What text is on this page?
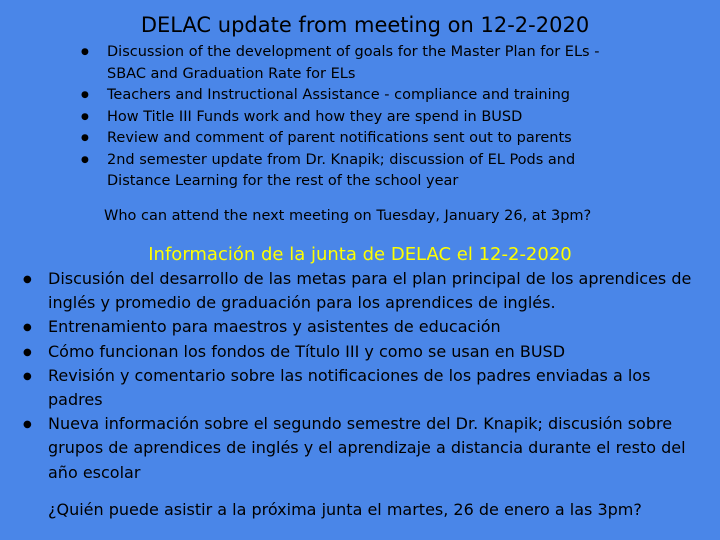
DELAC update from meeting on 12-2-2020
● Discussion of the development of goals for the Master Plan for ELs - SBAC and Graduation Rate for ELs
● Teachers and Instructional Assistance - compliance and training
● How Title III Funds work and how they are spend in BUSD
● Review and comment of parent notifications sent out to parents
● 2nd semester update from Dr. Knapik; discussion of EL Pods and Distance Learning for the rest of the school year
Who can attend the next meeting on Tuesday, January 26, at 3pm?
Información de la junta de DELAC el 12-2-2020
● Discusión del desarrollo de las metas para el plan principal de los aprendices de inglés y promedio de graduación para los aprendices de inglés.
● Entrenamiento para maestros y asistentes de educación
● Cómo funcionan los fondos de Título III y como se usan en BUSD
● Revisión y comentario sobre las notificaciones de los padres enviadas a los padres
● Nueva información sobre el segundo semestre del Dr. Knapik; discusión sobre grupos de aprendices de inglés y el aprendizaje a distancia durante el resto del año escolar
¿Quién puede asistir a la próxima junta el martes, 26 de enero a las 3pm?
